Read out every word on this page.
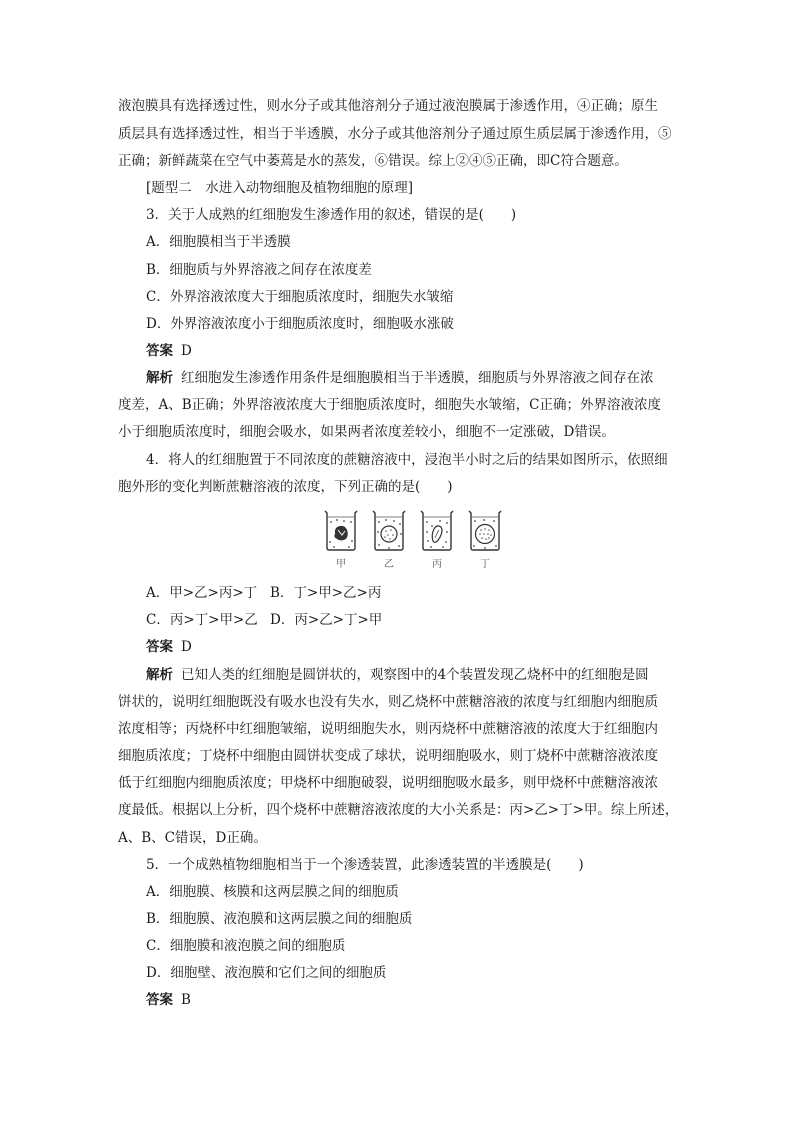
液泡膜具有选择透过性，则水分子或其他溶剂分子通过液泡膜属于渗透作用，④正确；原生
质层具有选择透过性，相当于半透膜，水分子或其他溶剂分子通过原生质层属于渗透作用，⑤
正确；新鲜蔬菜在空气中萎蔫是水的蒸发，⑥错误。综上②④⑤正确，即C符合题意。
[题型二　水进入动物细胞及植物细胞的原理]
3．关于人成熟的红细胞发生渗透作用的叙述，错误的是(　　)
A．细胞膜相当于半透膜
B．细胞质与外界溶液之间存在浓度差
C．外界溶液浓度大于细胞质浓度时，细胞失水皱缩
D．外界溶液浓度小于细胞质浓度时，细胞吸水涨破
答案 D
解析 红细胞发生渗透作用条件是细胞膜相当于半透膜，细胞质与外界溶液之间存在浓
度差，A、B正确；外界溶液浓度大于细胞质浓度时，细胞失水皱缩，C正确；外界溶液浓度
小于细胞质浓度时，细胞会吸水，如果两者浓度差较小，细胞不一定涨破，D错误。
4．将人的红细胞置于不同浓度的蔗糖溶液中，浸泡半小时之后的结果如图所示，依照细
胞外形的变化判断蔗糖溶液的浓度，下列正确的是(　　)
甲	乙	丙	丁
A．甲>乙>丙>丁 B．丁>甲>乙>丙
C．丙>丁>甲>乙 D．丙>乙>丁>甲
答案 D
解析 已知人类的红细胞是圆饼状的，观察图中的4个装置发现乙烧杯中的红细胞是圆
饼状的，说明红细胞既没有吸水也没有失水，则乙烧杯中蔗糖溶液的浓度与红细胞内细胞质
浓度相等；丙烧杯中红细胞皱缩，说明细胞失水，则丙烧杯中蔗糖溶液的浓度大于红细胞内
细胞质浓度；丁烧杯中细胞由圆饼状变成了球状，说明细胞吸水，则丁烧杯中蔗糖溶液浓度
低于红细胞内细胞质浓度；甲烧杯中细胞破裂，说明细胞吸水最多，则甲烧杯中蔗糖溶液浓
度最低。根据以上分析，四个烧杯中蔗糖溶液浓度的大小关系是：丙>乙>丁>甲。综上所述，
A、B、C错误，D正确。
5．一个成熟植物细胞相当于一个渗透装置，此渗透装置的半透膜是(　　)
A．细胞膜、核膜和这两层膜之间的细胞质
B．细胞膜、液泡膜和这两层膜之间的细胞质
C．细胞膜和液泡膜之间的细胞质
D．细胞壁、液泡膜和它们之间的细胞质
答案 B
